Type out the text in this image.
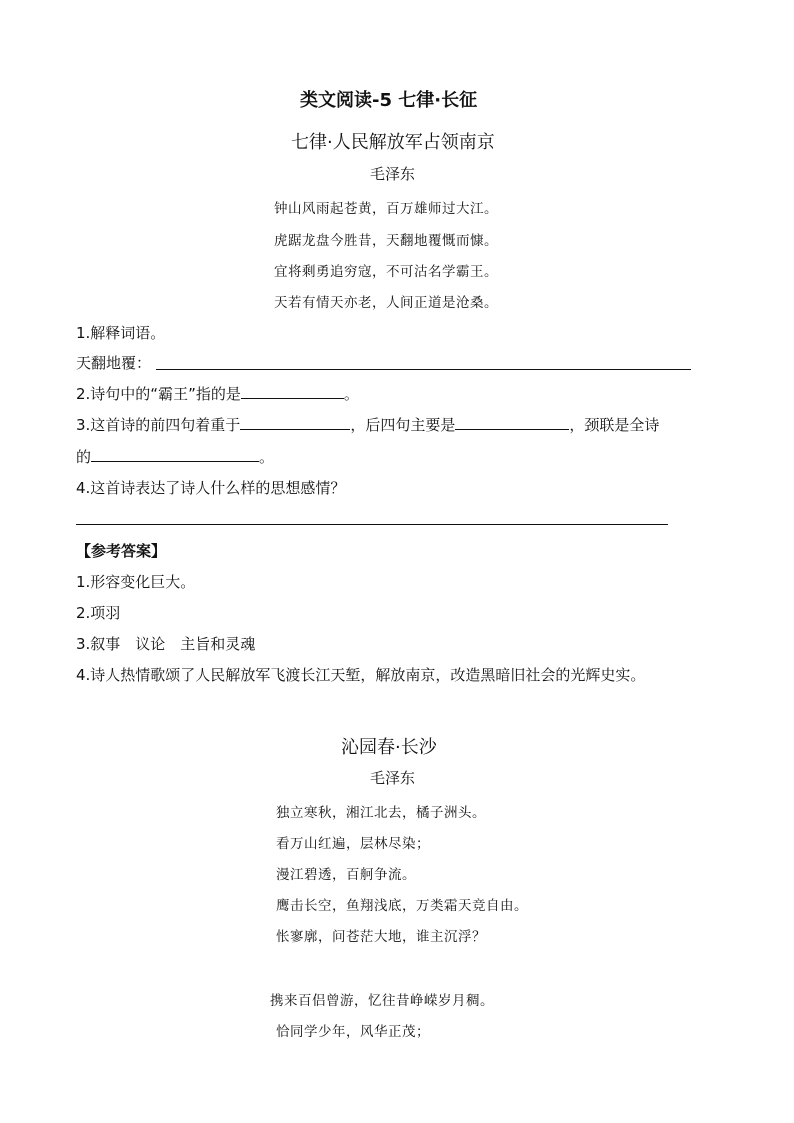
类文阅读-5 七律·长征
七律·人民解放军占领南京
毛泽东
钟山风雨起苍黄，百万雄师过大江。
虎踞龙盘今胜昔，天翻地覆慨而慷。
宜将剩勇追穷寇，不可沽名学霸王。
天若有情天亦老，人间正道是沧桑。
1.解释词语。
天翻地覆：
2.诗句中的“霸王”指的是	。
3.这首诗的前四句着重于	，后四句主要是	，颈联是全诗
的	。
4.这首诗表达了诗人什么样的思想感情？
【参考答案】
1.形容变化巨大。
2.项羽
3.叙事　议论　主旨和灵魂
4.诗人热情歌颂了人民解放军飞渡长江天堑，解放南京，改造黑暗旧社会的光辉史实。
沁园春·长沙
毛泽东
独立寒秋，湘江北去，橘子洲头。
看万山红遍，层林尽染；
漫江碧透，百舸争流。
鹰击长空，鱼翔浅底，万类霜天竞自由。
怅寥廓，问苍茫大地，谁主沉浮？
携来百侣曾游，忆往昔峥嵘岁月稠。
恰同学少年，风华正茂；
